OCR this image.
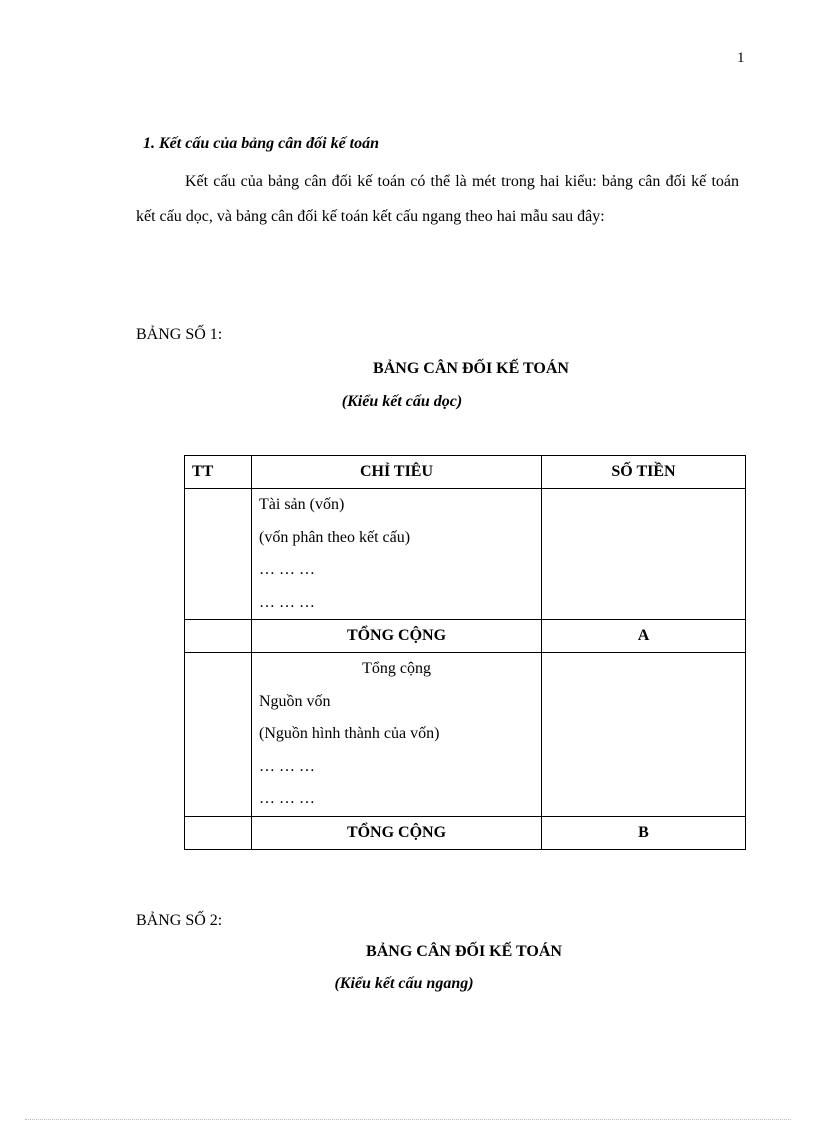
1
1. Kết cấu của bảng cân đối kế toán

Kết cấu của bảng cân đối kế toán có thể là mét trong hai kiểu: bảng cân đối kế toán kết cấu dọc, và bảng cân đối kế toán kết cấu ngang theo hai mẫu sau đây:

BẢNG SỐ 1:
BẢNG CÂN ĐỐI KẾ TOÁN
(Kiểu kết cấu dọc)
TT	CHỈ TIÊU	SỐ TIỀN

	Tài sản (vốn)
(vốn phân theo kết cấu)
… … …
… … …	

	TỔNG CỘNG	A

	Tổng cộng
Nguồn vốn
(Nguồn hình thành của vốn)
… … …
… … …	

	TỔNG CỘNG	B
BẢNG SỐ 2:
BẢNG CÂN ĐỐI KẾ TOÁN
(Kiểu kết cấu ngang)
